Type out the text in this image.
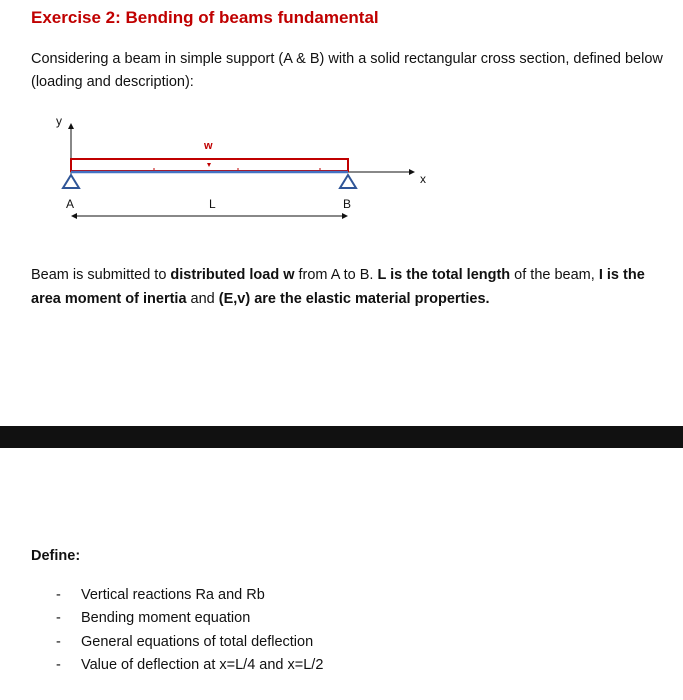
Exercise 2: Bending of beams fundamental

Considering a beam in simple support (A & B) with a solid rectangular cross section, defined below (loading and description):

y
x
w
A	B
L

Beam is submitted to distributed load w from A to B. L is the total length of the beam, I is the area moment of inertia and (E,v) are the elastic material properties.

Define:
- Vertical reactions Ra and Rb
- Bending moment equation
- General equations of total deflection
- Value of deflection at x=L/4 and x=L/2
